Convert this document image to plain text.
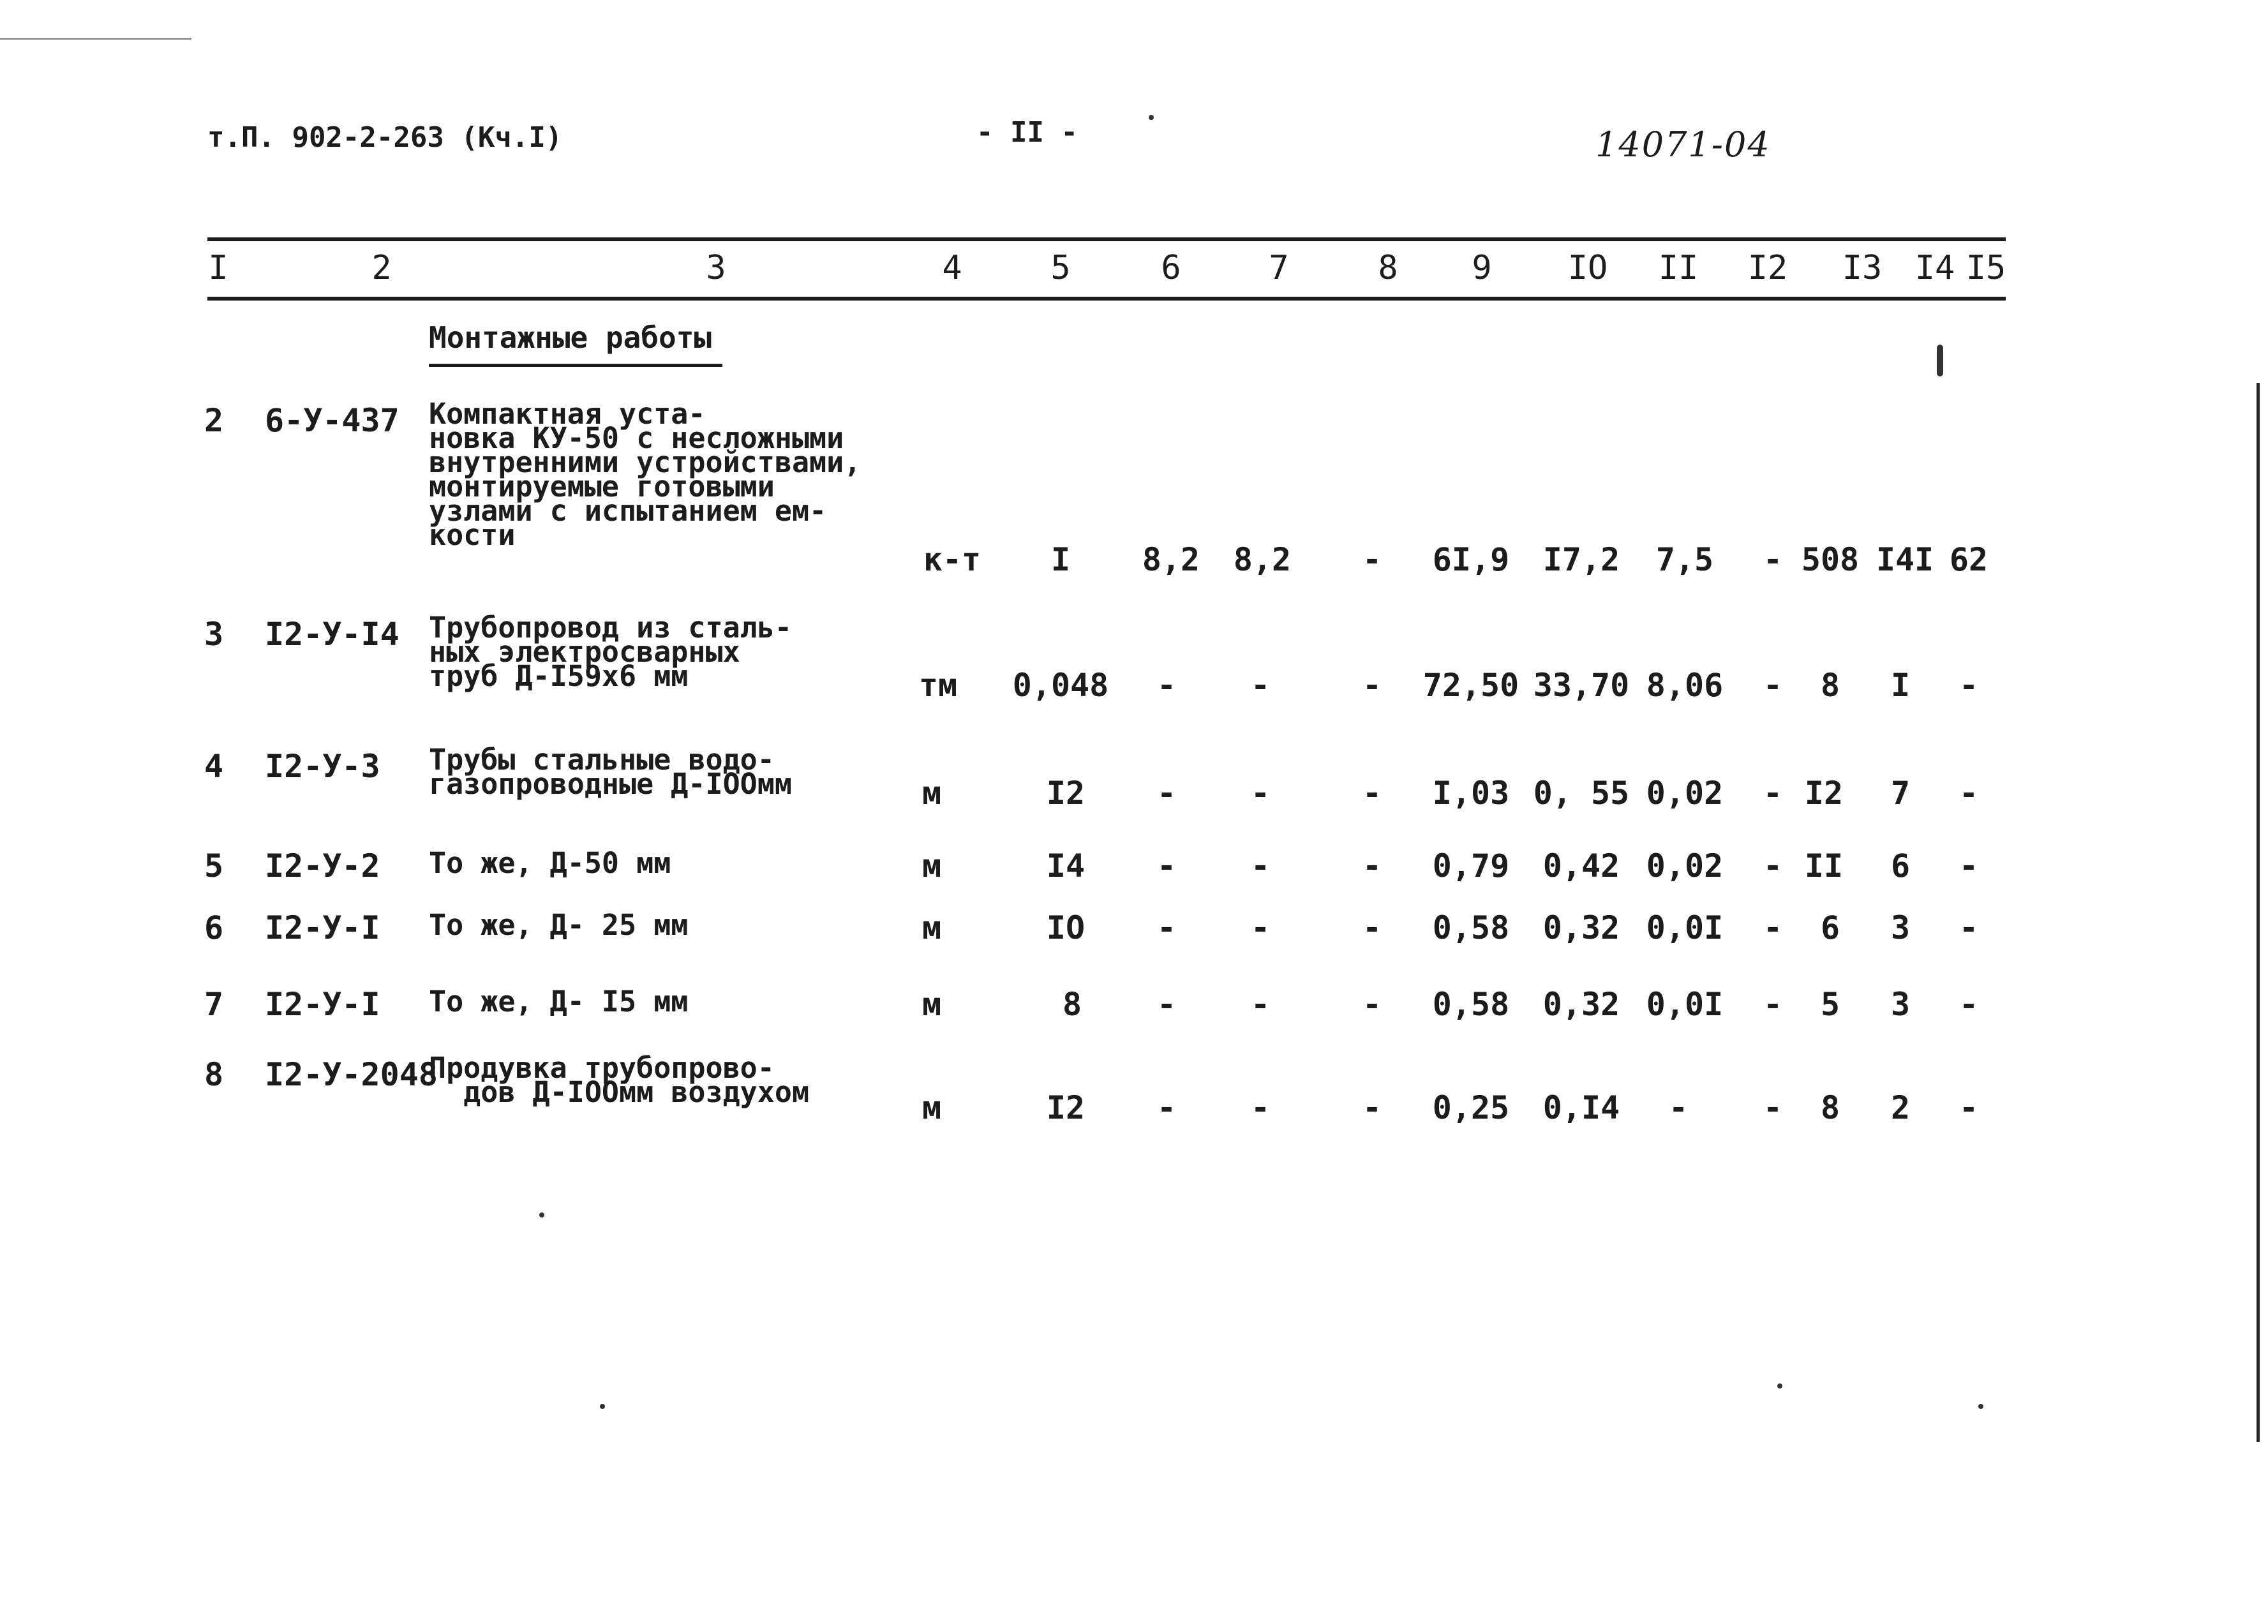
т.П. 902-2-263 (Кч.I)	- II -	14071-04
I	2	3	4	5	6	7	8	9	IO II I2 I3 I4 I5
Монтажные работы
2 6-У-437 Компактная уста-
новка КУ-50 с несложными
внутренними устройствами,
монтируемые готовыми
узлами с испытанием ем-
кости
к-т	I	8,2	8,2	-	6I,9	I7,2	7,5	- 508 I4I 62
3 I2-У-I4 Трубопровод из сталь-
ных электросварных
труб Д-I59х6 мм	тм	0,048	-	-	-	72,50 33,70 8,06	-	8	I	-
4 I2-У-3 Трубы стальные водо-
газопроводные Д-IOOмм	м	I2	-	-	-	I,03 0, 55 0,02	- I2	7	-
5 I2-У-2 То же, Д-50 мм	м	I4	-	-	-	0,79	0,42 0,02	- II	6	-
6 I2-У-I То же, Д- 25 мм	м	IO	-	-	-	0,58	0,32 0,0I	-	6	3	-
7 I2-У-I То же, Д- I5 мм	м	8	-	-	-	0,58	0,32 0,0I	-	5	3	-
8 I2-У-2048
Продувка трубопрово-
дов Д-IOOмм воздухом	м	I2	-	-	-	0,25	0,I4	-	-	8	2	-
